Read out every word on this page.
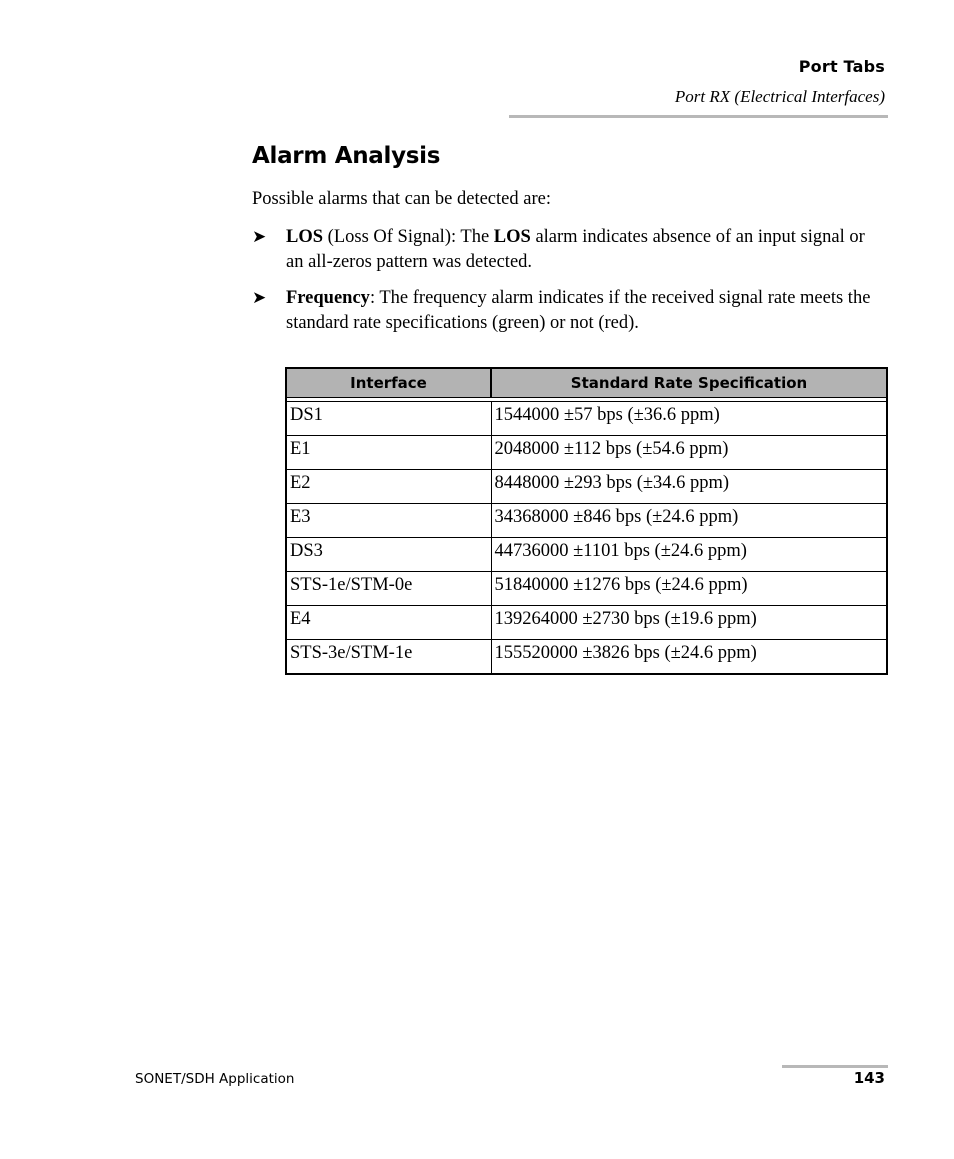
Port Tabs
Port RX (Electrical Interfaces)
Alarm Analysis

Possible alarms that can be detected are:

➤ LOS (Loss Of Signal): The LOS alarm indicates absence of an input signal or an all-zeros pattern was detected.
➤ Frequency: The frequency alarm indicates if the received signal rate meets the standard rate specifications (green) or not (red).
Interface	Standard Rate Specification

DS1	1544000 ±57 bps (±36.6 ppm)
E1	2048000 ±112 bps (±54.6 ppm)
E2	8448000 ±293 bps (±34.6 ppm)
E3	34368000 ±846 bps (±24.6 ppm)
DS3	44736000 ±1101 bps (±24.6 ppm)
STS-1e/STM-0e	51840000 ±1276 bps (±24.6 ppm)
E4	139264000 ±2730 bps (±19.6 ppm)
STS-3e/STM-1e	155520000 ±3826 bps (±24.6 ppm)
SONET/SDH Application	143
